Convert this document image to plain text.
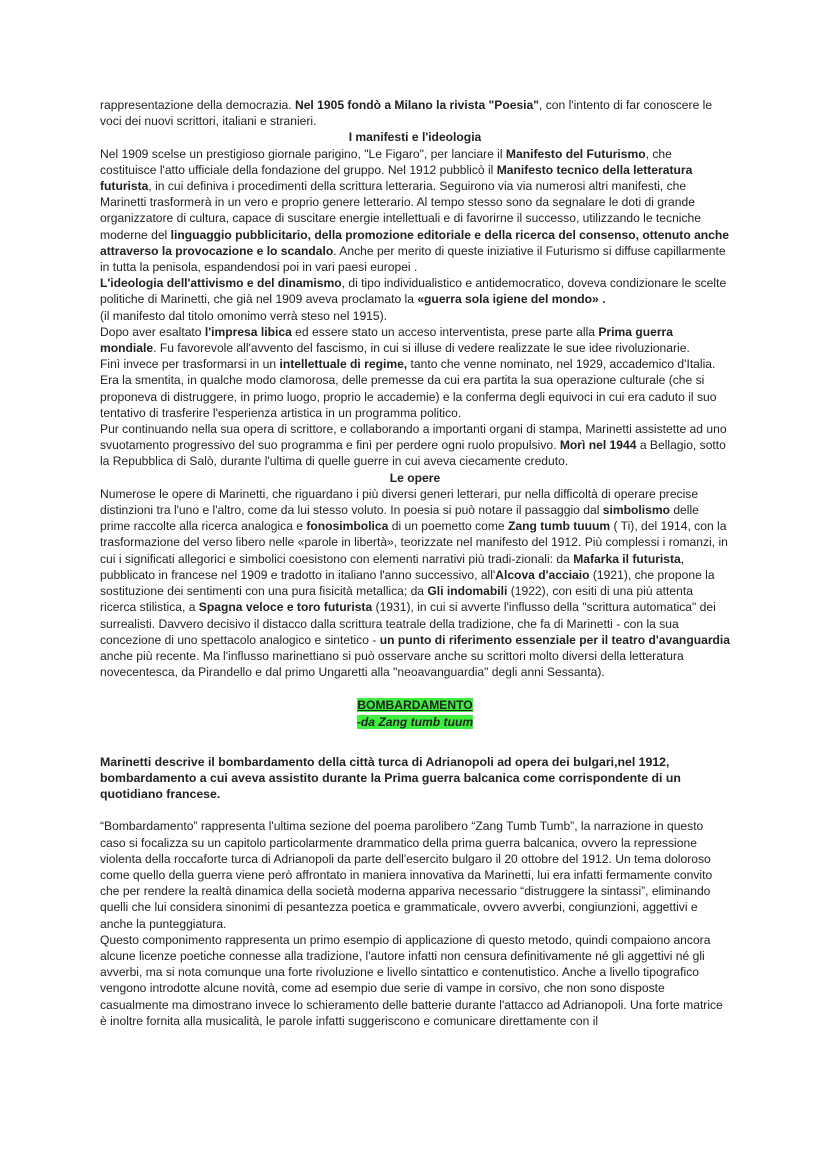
rappresentazione della democrazia. Nel 1905 fondò a Milano la rivista "Poesia", con l'intento di far conoscere le voci dei nuovi scrittori, italiani e stranieri.

I manifesti e l'ideologia

Nel 1909 scelse un prestigioso giornale parigino, "Le Figaro", per lanciare il Manifesto del Futurismo, che costituisce l'atto ufficiale della fondazione del gruppo. Nel 1912 pubblicò il Manifesto tecnico della letteratura futurista, in cui definiva i procedimenti della scrittura letteraria. Seguirono via via numerosi altri manifesti, che Marinetti trasformerà in un vero e proprio genere letterario. Al tempo stesso sono da segnalare le doti di grande organizzatore di cultura, capace di suscitare energie intellettuali e di favorirne il successo, utilizzando le tecniche moderne del linguaggio pubblicitario, della promozione editoriale e della ricerca del consenso, ottenuto anche attraverso la provocazione e lo scandalo. Anche per merito di queste iniziative il Futurismo si diffuse capillarmente in tutta la penisola, espandendosi poi in vari paesi europei .

L'ideologia dell'attivismo e del dinamismo, di tipo individualistico e antidemocratico, doveva condizionare le scelte politiche di Marinetti, che già nel 1909 aveva proclamato la «guerra sola igiene del mondo» .

(il manifesto dal titolo omonimo verrà steso nel 1915).

Dopo aver esaltato l'impresa libica ed essere stato un acceso interventista, prese parte alla Prima guerra mondiale. Fu favorevole all'avvento del fascismo, in cui si illuse di vedere realizzate le sue idee rivoluzionarie.

Finì invece per trasformarsi in un intellettuale di regime, tanto che venne nominato, nel 1929, accademico d'Italia. Era la smentita, in qualche modo clamorosa, delle premesse da cui era partita la sua operazione culturale (che si proponeva di distruggere, in primo luogo, proprio le accademie) e la conferma degli equivoci in cui era caduto il suo tentativo di trasferire l'esperienza artistica in un programma politico.

Pur continuando nella sua opera di scrittore, e collaborando a importanti organi di stampa, Marinetti assistette ad uno svuotamento progressivo del suo programma e finì per perdere ogni ruolo propulsivo. Morì nel 1944 a Bellagio, sotto la Repubblica di Salò, durante l'ultima di quelle guerre in cui aveva ciecamente creduto.

Le opere

Numerose le opere di Marinetti, che riguardano i più diversi generi letterari, pur nella difficoltà di operare precise distinzioni tra l'uno e l'altro, come da lui stesso voluto. In poesia si può notare il passaggio dal simbolismo delle prime raccolte alla ricerca analogica e fonosimbolica di un poemetto come Zang tumb tuuum ( Ti), del 1914, con la trasformazione del verso libero nelle «parole in libertà», teorizzate nel manifesto del 1912. Più complessi i romanzi, in cui i significati allegorici e simbolici coesistono con elementi narrativi più tradi-zionali: da Mafarka il futurista, pubblicato in francese nel 1909 e tradotto in italiano l'anno successivo, all'Alcova d'acciaio (1921), che propone la sostituzione dei sentimenti con una pura fisicità metallica; da Gli indomabili (1922), con esiti di una più attenta ricerca stilistica, a Spagna veloce e toro futurista (1931), in cui si avverte l'influsso della "scrittura automatica" dei surrealisti. Davvero decisivo il distacco dalla scrittura teatrale della tradizione, che fa di Marinetti - con la sua concezione di uno spettacolo analogico e sintetico - un punto di riferimento essenziale per il teatro d'avanguardia anche più recente. Ma l'influsso marinettiano si può osservare anche su scrittori molto diversi della letteratura novecentesca, da Pirandello e dal primo Ungaretti alla "neoavanguardia" degli anni Sessanta).

BOMBARDAMENTO

-da Zang tumb tuum

Marinetti descrive il bombardamento della città turca di Adrianopoli ad opera dei bulgari,nel 1912, bombardamento a cui aveva assistito durante la Prima guerra balcanica come corrispondente di un quotidiano francese.

“Bombardamento” rappresenta l'ultima sezione del poema parolibero “Zang Tumb Tumb”, la narrazione in questo caso si focalizza su un capitolo particolarmente drammatico della prima guerra balcanica, ovvero la repressione violenta della roccaforte turca di Adrianopoli da parte dell'esercito bulgaro il 20 ottobre del 1912. Un tema doloroso come quello della guerra viene però affrontato in maniera innovativa da Marinetti, lui era infatti fermamente convito che per rendere la realtà dinamica della società moderna appariva necessario “distruggere la sintassi”, eliminando quelli che lui considera sinonimi di pesantezza poetica e grammaticale, ovvero avverbi, congiunzioni, aggettivi e anche la punteggiatura.

Questo componimento rappresenta un primo esempio di applicazione di questo metodo, quindi compaiono ancora alcune licenze poetiche connesse alla tradizione, l'autore infatti non censura definitivamente né gli aggettivi né gli avverbi, ma si nota comunque una forte rivoluzione e livello sintattico e contenutistico. Anche a livello tipografico vengono introdotte alcune novità, come ad esempio due serie di vampe in corsivo, che non sono disposte casualmente ma dimostrano invece lo schieramento delle batterie durante l'attacco ad Adrianopoli. Una forte matrice è inoltre fornita alla musicalità, le parole infatti suggeriscono e comunicare direttamente con il
